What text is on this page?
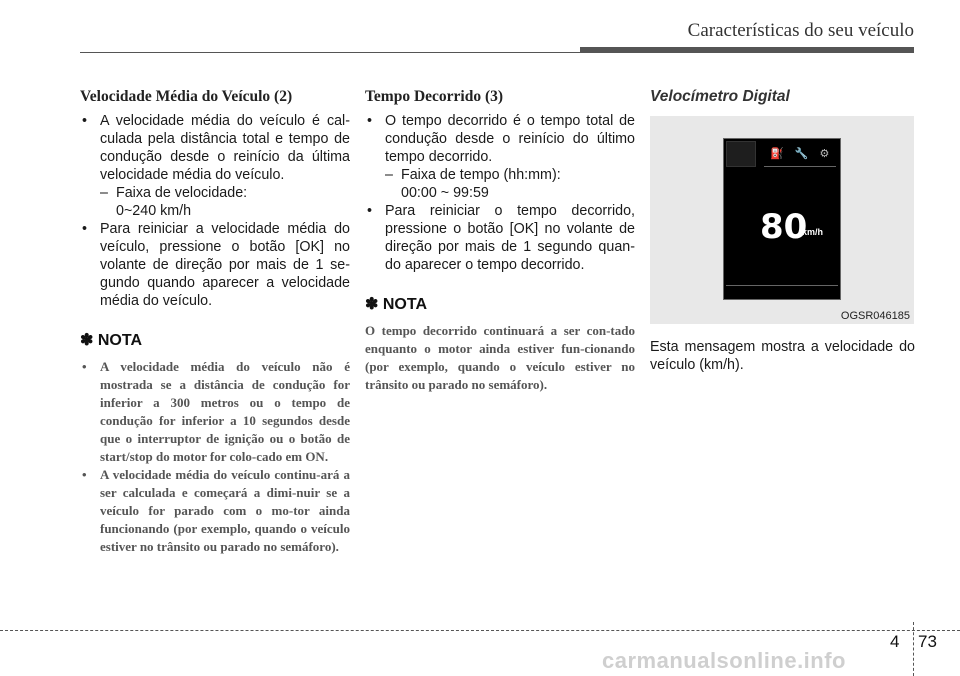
Características do seu veículo
Velocidade Média do Veículo (2)

• A velocidade média do veículo é cal-culada pela distância total e tempo de condução desde o reinício da última velocidade média do veículo.

– Faixa de velocidade:

0~240 km/h

• Para reiniciar a velocidade média do veículo, pressione o botão [OK] no volante de direção por mais de 1 se-gundo quando aparecer a velocidade média do veículo.

✽ NOTA

• A velocidade média do veículo não é mostrada se a distância de condução for inferior a 300 metros ou o tempo de condução for inferior a 10 segundos desde que o interruptor de ignição ou o botão de start/stop do motor for colo-cado em ON.

• A velocidade média do veículo continu-ará a ser calculada e começará a dimi-nuir se a veículo for parado com o mo-tor ainda funcionando (por exemplo, quando o veículo estiver no trânsito ou parado no semáforo).

Tempo Decorrido (3)

• O tempo decorrido é o tempo total de condução desde o reinício do último tempo decorrido.

– Faixa de tempo (hh:mm):

00:00 ~ 99:59

• Para reiniciar o tempo decorrido, pressione o botão [OK] no volante de direção por mais de 1 segundo quan-do aparecer o tempo decorrido.

✽ NOTA

O tempo decorrido continuará a ser con-tado enquanto o motor ainda estiver fun-cionando (por exemplo, quando o veículo estiver no trânsito ou parado no semáforo).

Velocímetro Digital
⛽ 🔧 ⚙
80
km/h
OGSR046185
Esta mensagem mostra a velocidade do veículo (km/h).
4 73
carmanualsonline.info
